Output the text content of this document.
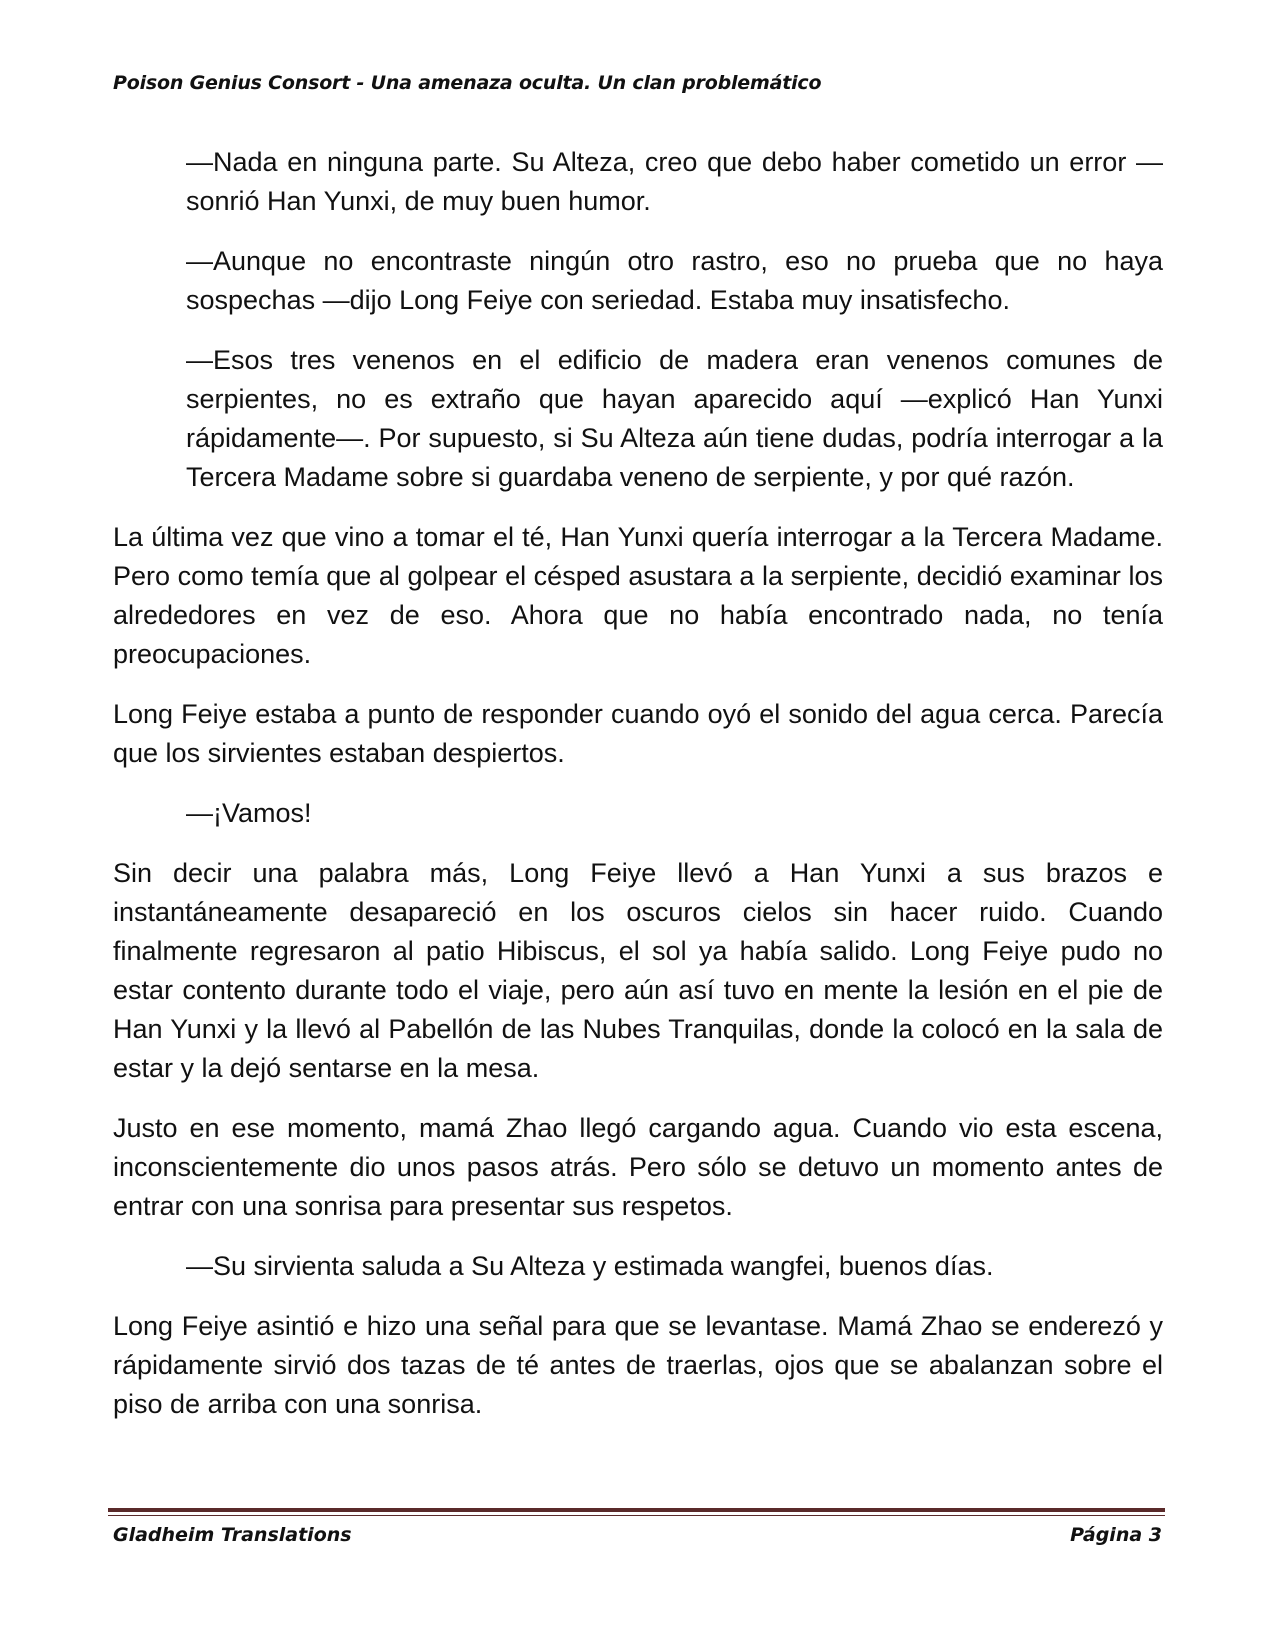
Poison Genius Consort - Una amenaza oculta. Un clan problemático

—Nada en ninguna parte. Su Alteza, creo que debo haber cometido un error —sonrió Han Yunxi, de muy buen humor.

—Aunque no encontraste ningún otro rastro, eso no prueba que no haya sospechas —dijo Long Feiye con seriedad. Estaba muy insatisfecho.

—Esos tres venenos en el edificio de madera eran venenos comunes de serpientes, no es extraño que hayan aparecido aquí —explicó Han Yunxi rápidamente—. Por supuesto, si Su Alteza aún tiene dudas, podría interrogar a la Tercera Madame sobre si guardaba veneno de serpiente, y por qué razón.

La última vez que vino a tomar el té, Han Yunxi quería interrogar a la Tercera Madame. Pero como temía que al golpear el césped asustara a la serpiente, decidió examinar los alrededores en vez de eso. Ahora que no había encontrado nada, no tenía preocupaciones.

Long Feiye estaba a punto de responder cuando oyó el sonido del agua cerca. Parecía que los sirvientes estaban despiertos.

—¡Vamos!

Sin decir una palabra más, Long Feiye llevó a Han Yunxi a sus brazos e instantáneamente desapareció en los oscuros cielos sin hacer ruido. Cuando finalmente regresaron al patio Hibiscus, el sol ya había salido. Long Feiye pudo no estar contento durante todo el viaje, pero aún así tuvo en mente la lesión en el pie de Han Yunxi y la llevó al Pabellón de las Nubes Tranquilas, donde la colocó en la sala de estar y la dejó sentarse en la mesa.

Justo en ese momento, mamá Zhao llegó cargando agua. Cuando vio esta escena, inconscientemente dio unos pasos atrás. Pero sólo se detuvo un momento antes de entrar con una sonrisa para presentar sus respetos.

—Su sirvienta saluda a Su Alteza y estimada wangfei, buenos días.

Long Feiye asintió e hizo una señal para que se levantase. Mamá Zhao se enderezó y rápidamente sirvió dos tazas de té antes de traerlas, ojos que se abalanzan sobre el piso de arriba con una sonrisa.

Gladheim Translations	Página 3
